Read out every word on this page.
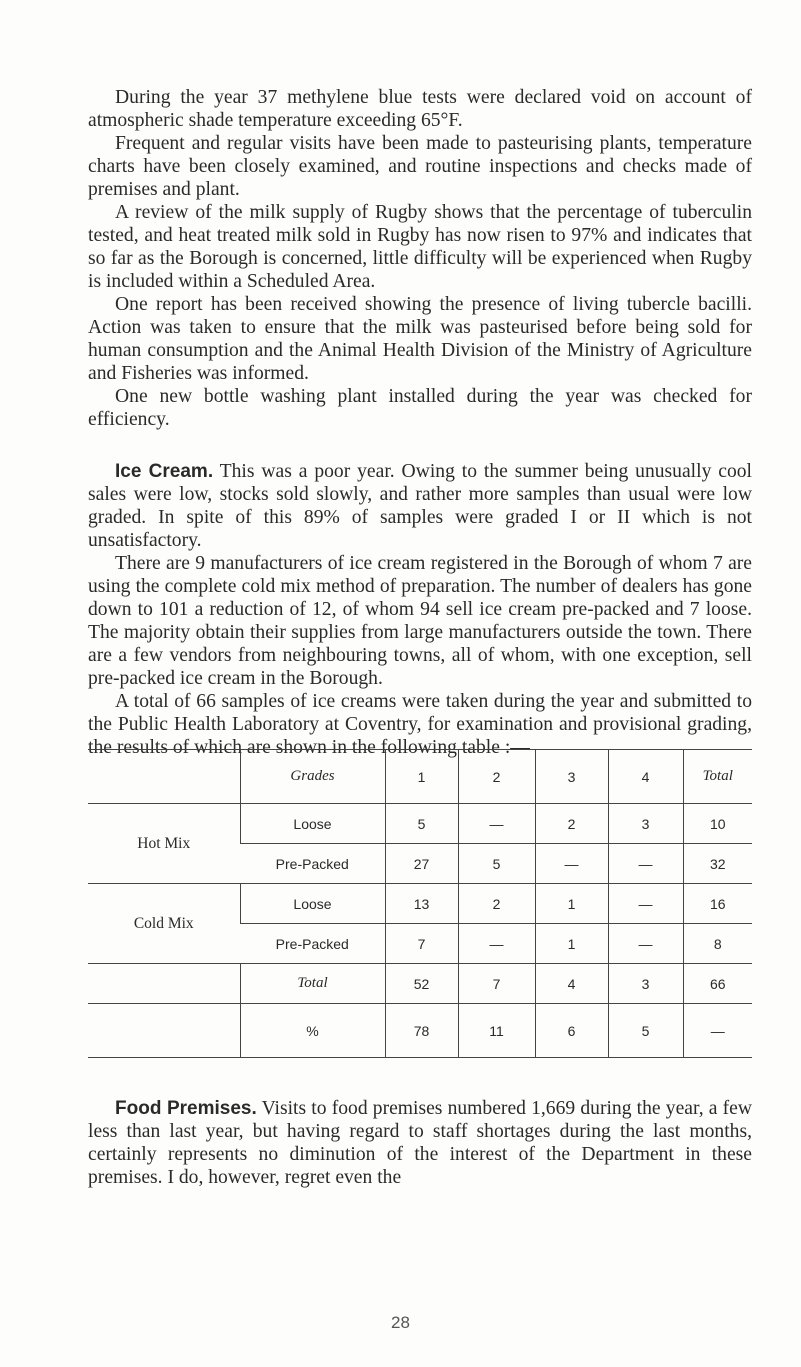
During the year 37 methylene blue tests were declared void on account of atmospheric shade temperature exceeding 65°F.

Frequent and regular visits have been made to pasteurising plants, temperature charts have been closely examined, and routine inspections and checks made of premises and plant.

A review of the milk supply of Rugby shows that the percentage of tuberculin tested, and heat treated milk sold in Rugby has now risen to 97% and indicates that so far as the Borough is concerned, little difficulty will be experienced when Rugby is included within a Scheduled Area.

One report has been received showing the presence of living tubercle bacilli. Action was taken to ensure that the milk was pasteurised before being sold for human consumption and the Animal Health Division of the Ministry of Agriculture and Fisheries was informed.

One new bottle washing plant installed during the year was checked for efficiency.

Ice Cream. This was a poor year. Owing to the summer being unusually cool sales were low, stocks sold slowly, and rather more samples than usual were low graded. In spite of this 89% of samples were graded I or II which is not unsatisfactory.

There are 9 manufacturers of ice cream registered in the Borough of whom 7 are using the complete cold mix method of preparation. The number of dealers has gone down to 101 a reduction of 12, of whom 94 sell ice cream pre-packed and 7 loose. The majority obtain their supplies from large manufacturers outside the town. There are a few vendors from neighbouring towns, all of whom, with one exception, sell pre-packed ice cream in the Borough.

A total of 66 samples of ice creams were taken during the year and submitted to the Public Health Laboratory at Coventry, for examination and provisional grading, the results of which are shown in the following table :—

	Grades	1	2	3	4	Total
Hot Mix	Loose	5	—	2	3	10
	Pre-Packed	27	5	—	—	32
Cold Mix	Loose	13	2	1	—	16
	Pre-Packed	7	—	1	—	8
	Total	52	7	4	3	66
	%	78	11	6	5	—

Food Premises. Visits to food premises numbered 1,669 during the year, a few less than last year, but having regard to staff shortages during the last months, certainly represents no diminution of the interest of the Department in these premises. I do, however, regret even the

28
